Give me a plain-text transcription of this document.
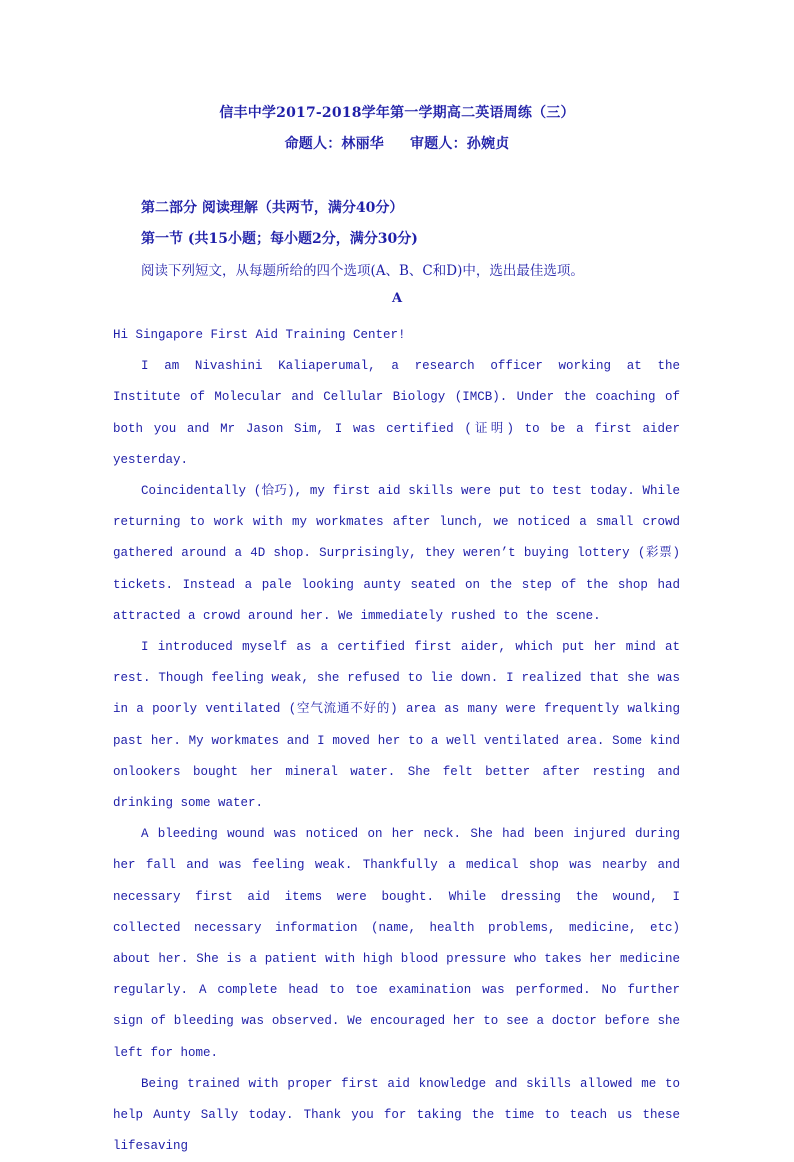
信丰中学2017-2018学年第一学期高二英语周练（三）
命题人：林丽华 审题人：孙婉贞
第二部分 阅读理解（共两节，满分40分）
第一节 (共15小题；每小题2分，满分30分)
阅读下列短文，从每题所给的四个选项(A、B、C和D)中，选出最佳选项。
A

Hi Singapore First Aid Training Center!

I am Nivashini Kaliaperumal, a research officer working at the Institute of Molecular and Cellular Biology (IMCB). Under the coaching of both you and Mr Jason Sim, I was certified (证明) to be a first aider yesterday.

Coincidentally (恰巧), my first aid skills were put to test today. While returning to work with my workmates after lunch, we noticed a small crowd gathered around a 4D shop. Surprisingly, they weren’t buying lottery (彩票) tickets. Instead a pale looking aunty seated on the step of the shop had attracted a crowd around her. We immediately rushed to the scene.

I introduced myself as a certified first aider, which put her mind at rest. Though feeling weak, she refused to lie down. I realized that she was in a poorly ventilated (空气流通不好的) area as many were frequently walking past her. My workmates and I moved her to a well ventilated area. Some kind onlookers bought her mineral water. She felt better after resting and drinking some water.

A bleeding wound was noticed on her neck. She had been injured during her fall and was feeling weak. Thankfully a medical shop was nearby and necessary first aid items were bought. While dressing the wound, I collected necessary information (name, health problems, medicine, etc) about her. She is a patient with high blood pressure who takes her medicine regularly. A complete head to toe examination was performed. No further sign of bleeding was observed. We encouraged her to see a doctor before she left for home.

Being trained with proper first aid knowledge and skills allowed me to help Aunty Sally today. Thank you for taking the time to teach us these lifesaving
